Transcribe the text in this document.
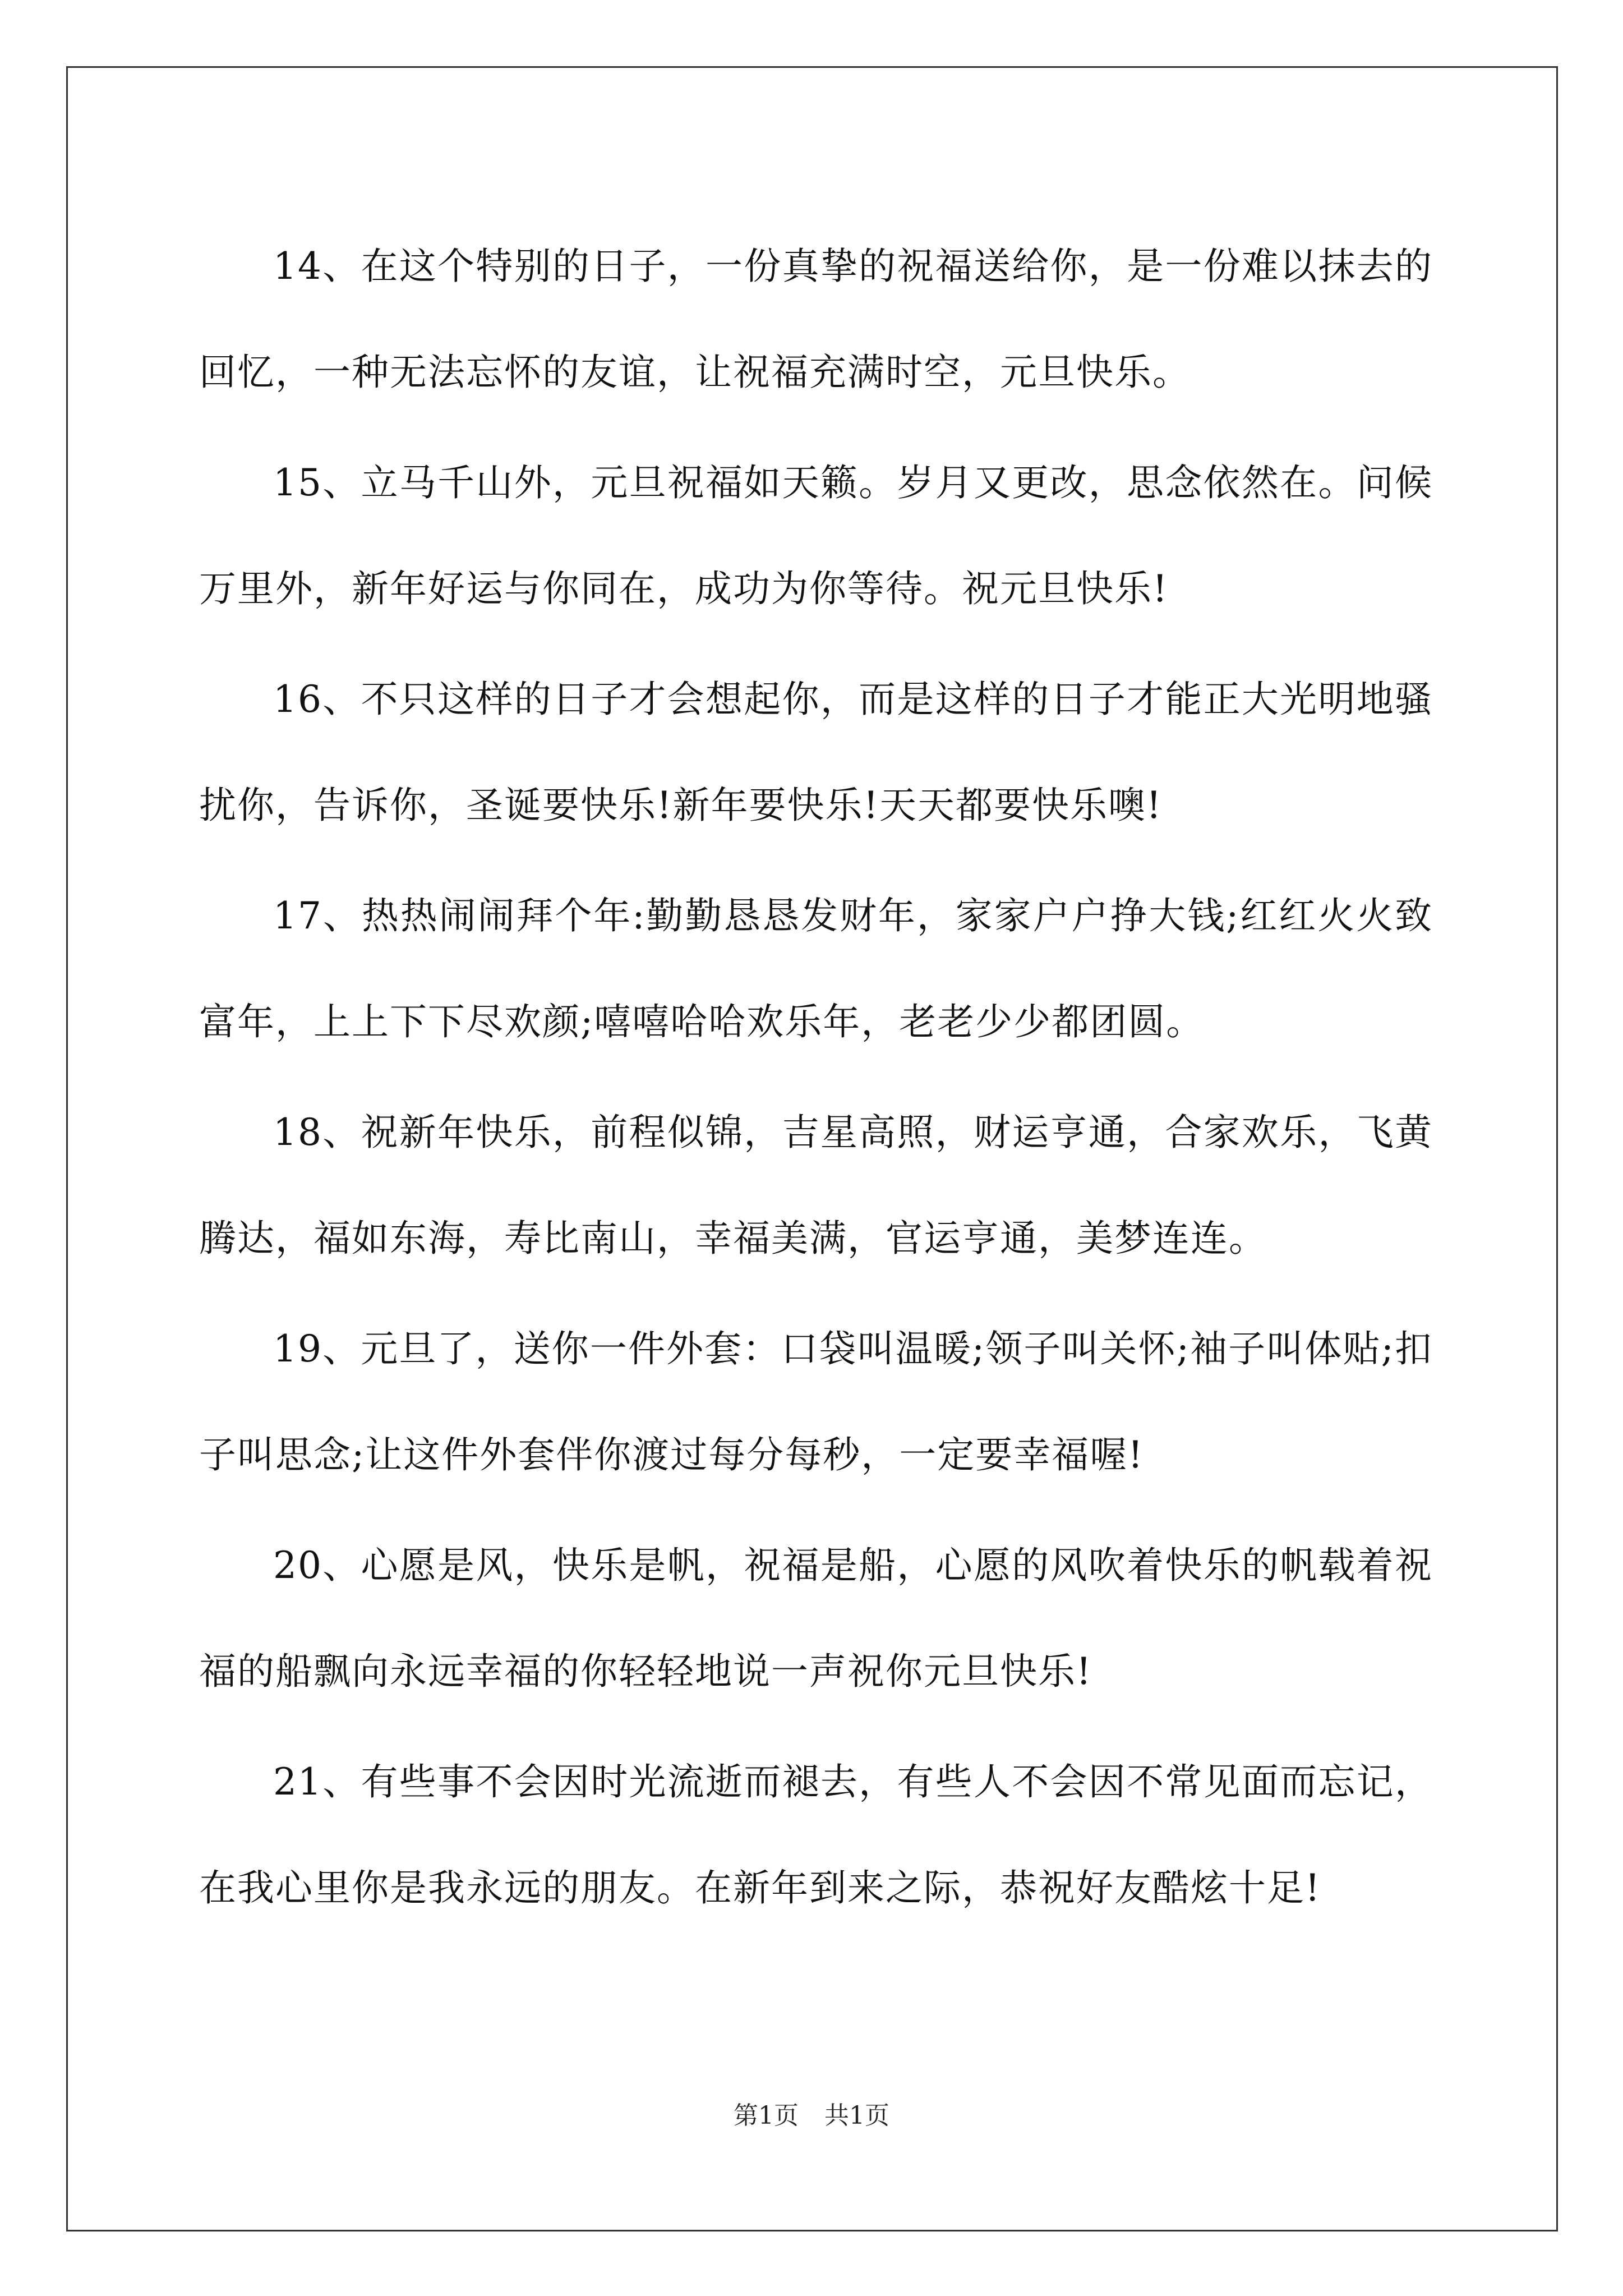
14、在这个特别的日子，一份真挚的祝福送给你，是一份难以抹去的回忆，一种无法忘怀的友谊，让祝福充满时空，元旦快乐。

15、立马千山外，元旦祝福如天籁。岁月又更改，思念依然在。问候万里外，新年好运与你同在，成功为你等待。祝元旦快乐!

16、不只这样的日子才会想起你，而是这样的日子才能正大光明地骚扰你，告诉你，圣诞要快乐!新年要快乐!天天都要快乐噢!

17、热热闹闹拜个年:勤勤恳恳发财年，家家户户挣大钱;红红火火致富年，上上下下尽欢颜;嘻嘻哈哈欢乐年，老老少少都团圆。

18、祝新年快乐，前程似锦，吉星高照，财运亨通，合家欢乐，飞黄腾达，福如东海，寿比南山，幸福美满，官运亨通，美梦连连。

19、元旦了，送你一件外套：口袋叫温暖;领子叫关怀;袖子叫体贴;扣子叫思念;让这件外套伴你渡过每分每秒，一定要幸福喔!

20、心愿是风，快乐是帆，祝福是船，心愿的风吹着快乐的帆载着祝福的船飘向永远幸福的你轻轻地说一声祝你元旦快乐!

21、有些事不会因时光流逝而褪去，有些人不会因不常见面而忘记，在我心里你是我永远的朋友。在新年到来之际，恭祝好友酷炫十足!

第1页 共1页
